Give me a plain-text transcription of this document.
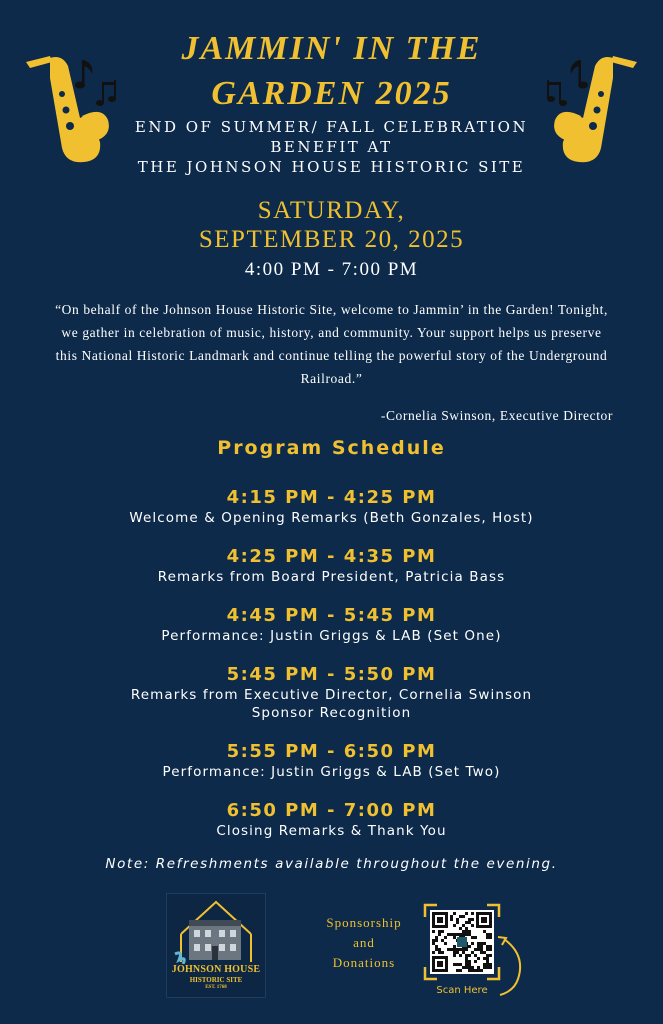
JAMMIN' IN THE
GARDEN 2025
END OF SUMMER/ FALL CELEBRATION
BENEFIT AT
THE JOHNSON HOUSE HISTORIC SITE
SATURDAY,
SEPTEMBER 20, 2025
4:00 PM - 7:00 PM
“On behalf of the Johnson House Historic Site, welcome to Jammin’ in the Garden! Tonight, we gather in celebration of music, history, and community. Your support helps us preserve this National Historic Landmark and continue telling the powerful story of the Underground Railroad.”
-Cornelia Swinson, Executive Director
Program Schedule
4:15 PM - 4:25 PM
Welcome & Opening Remarks (Beth Gonzales, Host)
4:25 PM - 4:35 PM
Remarks from Board President, Patricia Bass
4:45 PM - 5:45 PM
Performance: Justin Griggs & LAB (Set One)
5:45 PM - 5:50 PM
Remarks from Executive Director, Cornelia Swinson
Sponsor Recognition
5:55 PM - 6:50 PM
Performance: Justin Griggs & LAB (Set Two)
6:50 PM - 7:00 PM
Closing Remarks & Thank You
Note: Refreshments available throughout the evening.
JOHNSON HOUSE
HISTORIC SITE
EST. 1768
Sponsorship
and
Donations
Scan Here
